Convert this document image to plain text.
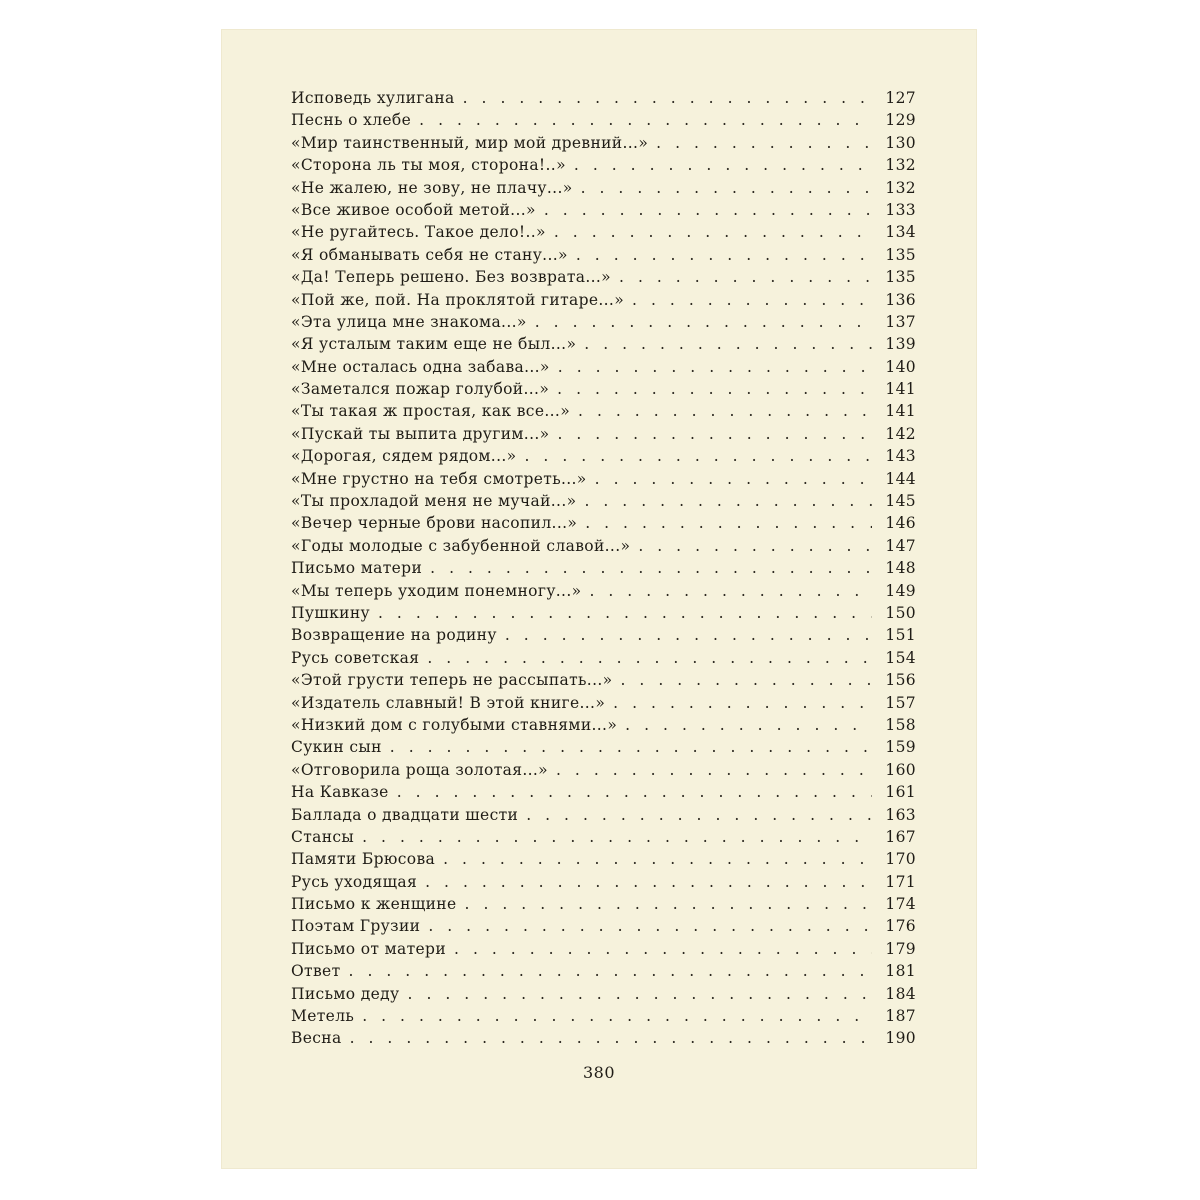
Исповедь хулигана .....	127
Песнь о хлебе .....	129
«Мир таинственный, мир мой древний...» .....	130
«Сторона ль ты моя, сторона!..» .....	132
«Не жалею, не зову, не плачу...» .....	132
«Все живое особой метой...» .....	133
«Не ругайтесь. Такое дело!..» .....	134
«Я обманывать себя не стану...» .....	135
«Да! Теперь решено. Без возврата...» .....	135
«Пой же, пой. На проклятой гитаре...» .....	136
«Эта улица мне знакома...» .....	137
«Я усталым таким еще не был...» .....	139
«Мне осталась одна забава...» .....	140
«Заметался пожар голубой...» .....	141
«Ты такая ж простая, как все...» .....	141
«Пускай ты выпита другим...» .....	142
«Дорогая, сядем рядом...» .....	143
«Мне грустно на тебя смотреть...» .....	144
«Ты прохладой меня не мучай...» .....	145
«Вечер черные брови насопил...» .....	146
«Годы молодые с забубенной славой...» .....	147
Письмо матери .....	148
«Мы теперь уходим понемногу...» .....	149
Пушкину .....	150
Возвращение на родину .....	151
Русь советская .....	154
«Этой грусти теперь не рассыпать...» .....	156
«Издатель славный! В этой книге...» .....	157
«Низкий дом с голубыми ставнями...» .....	158
Сукин сын .....	159
«Отговорила роща золотая...» .....	160
На Кавказе .....	161
Баллада о двадцати шести .....	163
Стансы .....	167
Памяти Брюсова .....	170
Русь уходящая .....	171
Письмо к женщине .....	174
Поэтам Грузии .....	176
Письмо от матери .....	179
Ответ .....	181
Письмо деду .....	184
Метель .....	187
Весна .....	190
380
